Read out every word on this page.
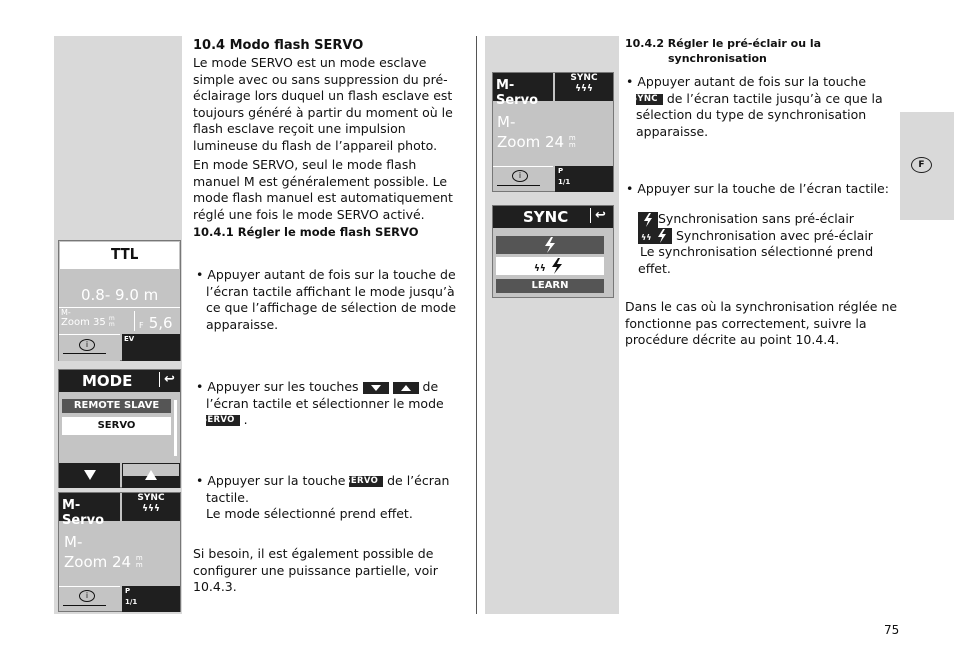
10.4 Modo flash SERVO
Le mode SERVO est un mode esclave simple avec ou sans suppression du pré-éclairage lors duquel un flash esclave est toujours généré à partir du moment où le flash esclave reçoit une impulsion lumineuse du flash de l’appareil photo.
En mode SERVO, seul le mode flash manuel M est généralement possible. Le mode flash manuel est automatiquement réglé une fois le mode SERVO activé.
10.4.1 Régler le mode flash SERVO
• Appuyer autant de fois sur la touche de l’écran tactile affichant le mode jusqu’à ce que l’affichage de sélection de mode apparaisse.
• Appuyer sur les touches
	de l’écran tactile et sélectionner le mode
SERVO .
• Appuyer sur la touche SERVO de l’écran tactile.
Le mode sélectionné prend effet.
Si besoin, il est également possible de configurer une puissance partielle, voir 10.4.3.
10.4.2 Régler le pré-éclair ou la
synchronisation
• Appuyer autant de fois sur la touche SYNC de l’écran tactile jusqu’à ce que la sélection du type de synchronisation apparaisse.
• Appuyer sur la touche de l’écran tactile:
Synchronisation sans pré-éclair
ϟϟ Synchronisation avec pré-éclair
Le synchronisation sélectionné prend
effet.
Dans le cas où la synchronisation réglée ne fonctionne pas correctement, suivre la procédure décrite au point 10.4.4.
TTL
0.8- 9.0 m
M-
Zoom 35 m
m	F 5,6
i
EV
MODE	↩
REMOTE SLAVE
SERVO
M-Servo
SYNC
ϟϟϟ
M-
Zoom 24 m
m
i	P
1/1
M-Servo
SYNC
ϟϟϟ
M-
Zoom 24 m
m
i	P
1/1
SYNC	↩
ϟϟ
LEARN
F
75
